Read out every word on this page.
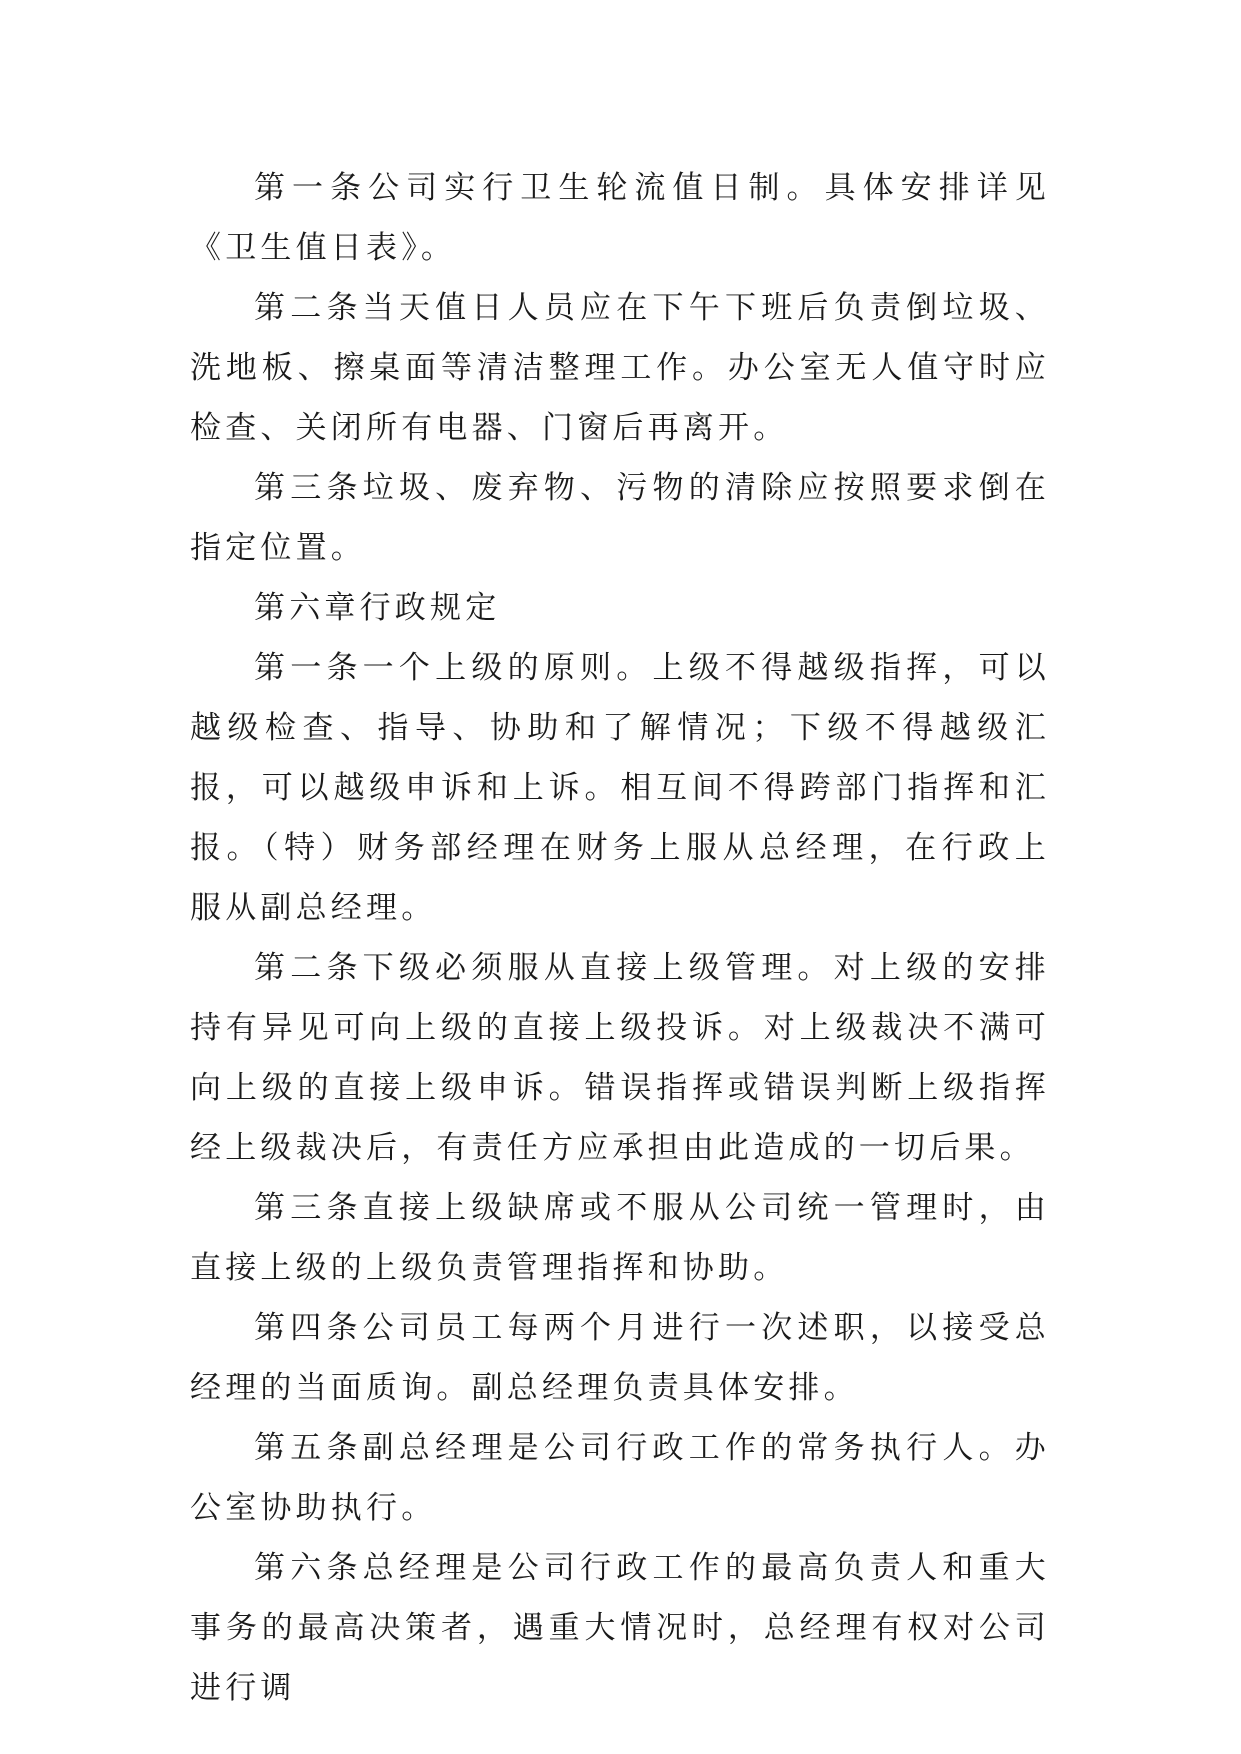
第一条公司实行卫生轮流值日制。具体安排详见《卫生值日表》。

第二条当天值日人员应在下午下班后负责倒垃圾、洗地板、擦桌面等清洁整理工作。办公室无人值守时应检查、关闭所有电器、门窗后再离开。

第三条垃圾、废弃物、污物的清除应按照要求倒在指定位置。

第六章行政规定

第一条一个上级的原则。上级不得越级指挥，可以越级检查、指导、协助和了解情况；下级不得越级汇报，可以越级申诉和上诉。相互间不得跨部门指挥和汇报。（特）财务部经理在财务上服从总经理，在行政上服从副总经理。

第二条下级必须服从直接上级管理。对上级的安排持有异见可向上级的直接上级投诉。对上级裁决不满可向上级的直接上级申诉。错误指挥或错误判断上级指挥经上级裁决后，有责任方应承担由此造成的一切后果。

第三条直接上级缺席或不服从公司统一管理时，由直接上级的上级负责管理指挥和协助。

第四条公司员工每两个月进行一次述职，以接受总经理的当面质询。副总经理负责具体安排。

第五条副总经理是公司行政工作的常务执行人。办公室协助执行。

第六条总经理是公司行政工作的最高负责人和重大事务的最高决策者，遇重大情况时，总经理有权对公司进行调
